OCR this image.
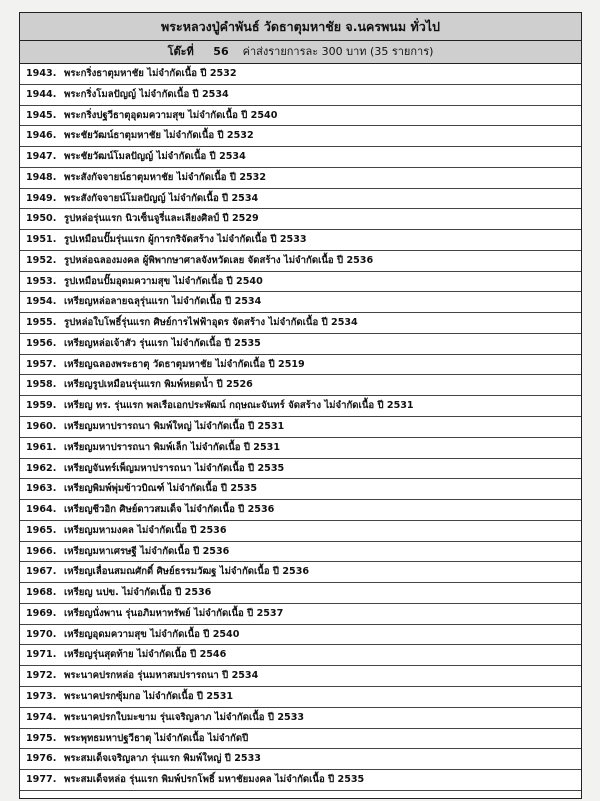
พระหลวงปู่คำพันธ์ วัดธาตุมหาชัย จ.นครพนม ทั่วไป
โต๊ะที่ 56 ค่าส่งรายการละ 300 บาท (35 รายการ)
1943. พระกริ่งธาตุมหาชัย ไม่จำกัดเนื้อ ปี 2532
1944. พระกริ่งโมลปัญญ์ ไม่จำกัดเนื้อ ปี 2534
1945. พระกริ่งปฐวีธาตุอุดมความสุข ไม่จำกัดเนื้อ ปี 2540
1946. พระชัยวัฒน์ธาตุมหาชัย ไม่จำกัดเนื้อ ปี 2532
1947. พระชัยวัฒน์โมลปัญญ์ ไม่จำกัดเนื้อ ปี 2534
1948. พระสังกัจจายน์ธาตุมหาชัย ไม่จำกัดเนื้อ ปี 2532
1949. พระสังกัจจายน์โมลปัญญ์ ไม่จำกัดเนื้อ ปี 2534
1950. รูปหล่อรุ่นแรก นิวเซ็นจูรี่และเลียงศิลป์ ปี 2529
1951. รูปเหมือนปั๊มรุ่นแรก ผู้การกริจัดสร้าง ไม่จำกัดเนื้อ ปี 2533
1952. รูปหล่อฉลองมงคล ผู้พิพากษาศาลจังหวัดเลย จัดสร้าง ไม่จำกัดเนื้อ ปี 2536
1953. รูปเหมือนปั๊มอุดมความสุข ไม่จำกัดเนื้อ ปี 2540
1954. เหรียญหล่อลายฉลุรุ่นแรก ไม่จำกัดเนื้อ ปี 2534
1955. รูปหล่อใบโพธิ์รุ่นแรก ศิษย์การไฟฟ้าอุดร จัดสร้าง ไม่จำกัดเนื้อ ปี 2534
1956. เหรียญหล่อเจ้าสัว รุ่นแรก ไม่จำกัดเนื้อ ปี 2535
1957. เหรียญฉลองพระธาตุ วัดธาตุมหาชัย ไม่จำกัดเนื้อ ปี 2519
1958. เหรียญรูปเหมือนรุ่นแรก พิมพ์หยดน้ำ ปี 2526
1959. เหรียญ ทร. รุ่นแรก พลเรือเอกประพัฒน์ กฤษณะจันทร์ จัดสร้าง ไม่จำกัดเนื้อ ปี 2531
1960. เหรียญมหาปรารถนา พิมพ์ใหญ่ ไม่จำกัดเนื้อ ปี 2531
1961. เหรียญมหาปรารถนา พิมพ์เล็ก ไม่จำกัดเนื้อ ปี 2531
1962. เหรียญจันทร์เพ็ญมหาปรารถนา ไม่จำกัดเนื้อ ปี 2535
1963. เหรียญพิมพ์พุ่มข้าวบิณฑ์ ไม่จำกัดเนื้อ ปี 2535
1964. เหรียญชีวอิก ศิษย์ดาวสมเด็จ ไม่จำกัดเนื้อ ปี 2536
1965. เหรียญมหามงคล ไม่จำกัดเนื้อ ปี 2536
1966. เหรียญมหาเศรษฐี ไม่จำกัดเนื้อ ปี 2536
1967. เหรียญเลื่อนสมณศักดิ์ ศิษย์ธรรมวัฒฐ ไม่จำกัดเนื้อ ปี 2536
1968. เหรียญ นปข. ไม่จำกัดเนื้อ ปี 2536
1969. เหรียญนั่งพาน รุ่นอภิมหาทรัพย์ ไม่จำกัดเนื้อ ปี 2537
1970. เหรียญอุดมความสุข ไม่จำกัดเนื้อ ปี 2540
1971. เหรียญรุ่นสุดท้าย ไม่จำกัดเนื้อ ปี 2546
1972. พระนาคปรกหล่อ รุ่นมหาสมปรารถนา ปี 2534
1973. พระนาคปรกซุ้มกอ ไม่จำกัดเนื้อ ปี 2531
1974. พระนาคปรกใบมะขาม รุ่นเจริญลาภ ไม่จำกัดเนื้อ ปี 2533
1975. พระพุทธมหาปฐวีธาตุ ไม่จำกัดเนื้อ ไม่จำกัดปี
1976. พระสมเด็จเจริญลาภ รุ่นแรก พิมพ์ใหญ่ ปี 2533
1977. พระสมเด็จหล่อ รุ่นแรก พิมพ์ปรกโพธิ์ มหาชัยมงคล ไม่จำกัดเนื้อ ปี 2535
